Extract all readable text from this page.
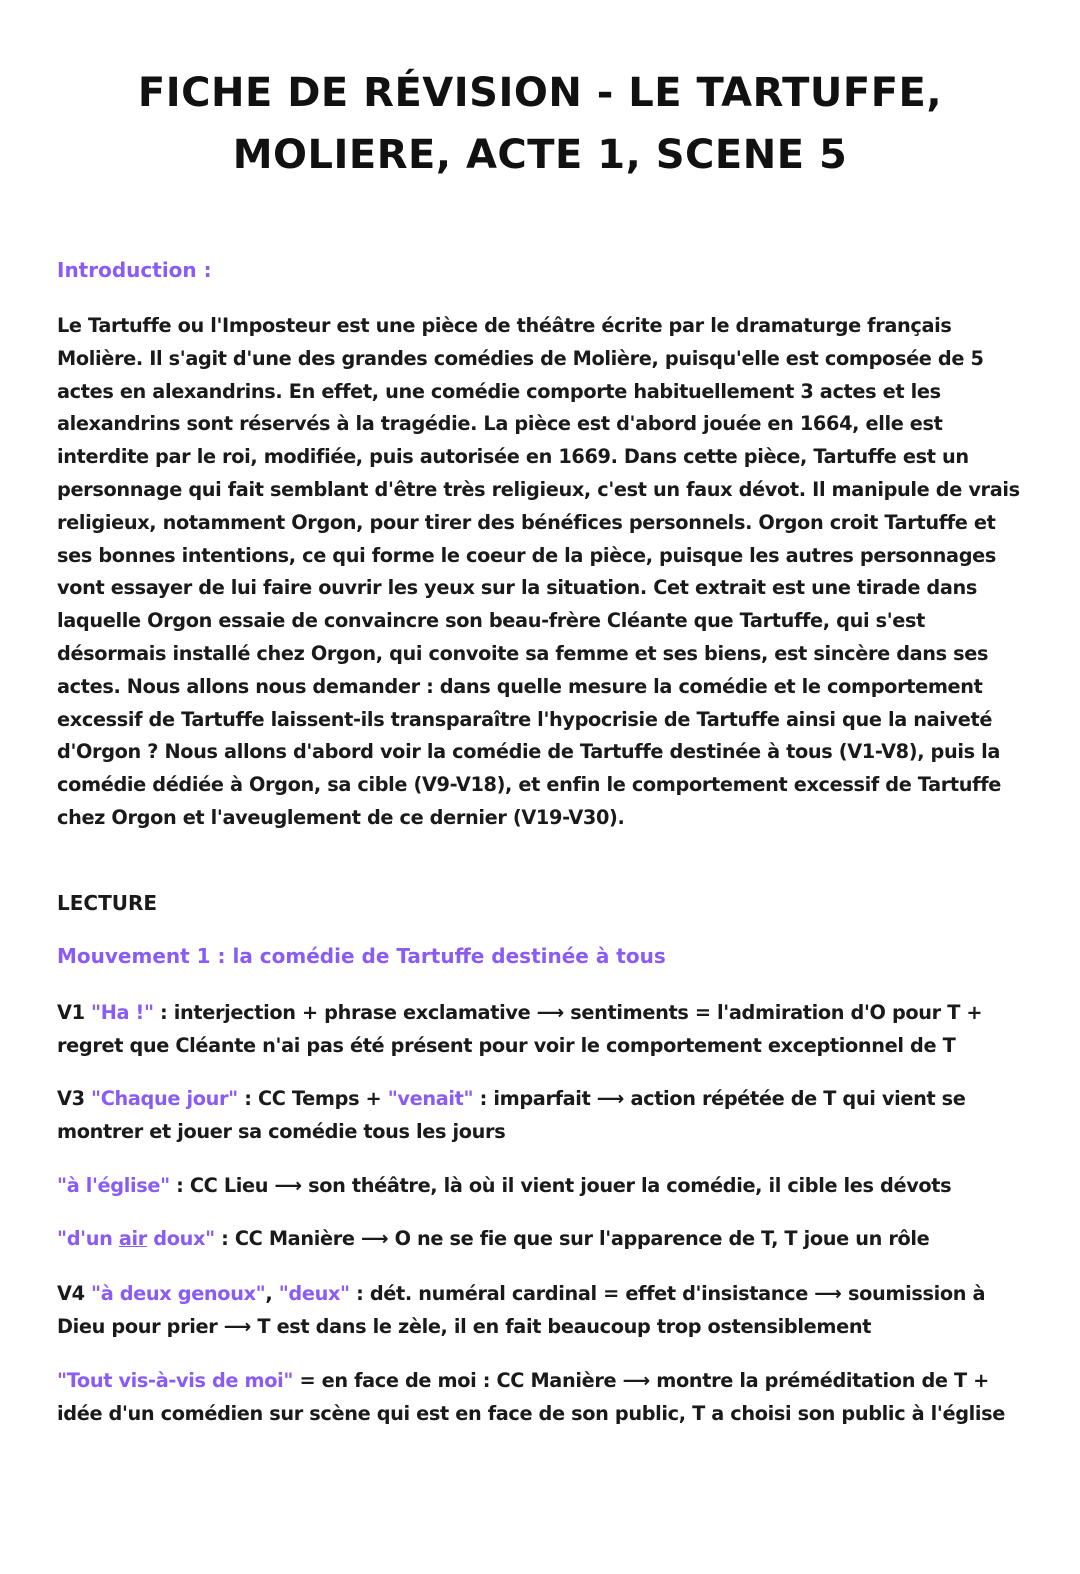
FICHE DE RÉVISION - LE TARTUFFE,
MOLIERE, ACTE 1, SCENE 5

Introduction :

Le Tartuffe ou l'Imposteur est une pièce de théâtre écrite par le dramaturge français Molière. Il s'agit d'une des grandes comédies de Molière, puisqu'elle est composée de 5 actes en alexandrins. En effet, une comédie comporte habituellement 3 actes et les alexandrins sont réservés à la tragédie. La pièce est d'abord jouée en 1664, elle est interdite par le roi, modifiée, puis autorisée en 1669. Dans cette pièce, Tartuffe est un personnage qui fait semblant d'être très religieux, c'est un faux dévot. Il manipule de vrais religieux, notamment Orgon, pour tirer des bénéfices personnels. Orgon croit Tartuffe et ses bonnes intentions, ce qui forme le coeur de la pièce, puisque les autres personnages vont essayer de lui faire ouvrir les yeux sur la situation. Cet extrait est une tirade dans laquelle Orgon essaie de convaincre son beau-frère Cléante que Tartuffe, qui s'est désormais installé chez Orgon, qui convoite sa femme et ses biens, est sincère dans ses actes. Nous allons nous demander : dans quelle mesure la comédie et le comportement excessif de Tartuffe laissent-ils transparaître l'hypocrisie de Tartuffe ainsi que la naiveté d'Orgon ? Nous allons d'abord voir la comédie de Tartuffe destinée à tous (V1-V8), puis la comédie dédiée à Orgon, sa cible (V9-V18), et enfin le comportement excessif de Tartuffe chez Orgon et l'aveuglement de ce dernier (V19-V30).

LECTURE

Mouvement 1 : la comédie de Tartuffe destinée à tous

V1 "Ha !" : interjection + phrase exclamative ⟶ sentiments = l'admiration d'O pour T + regret que Cléante n'ai pas été présent pour voir le comportement exceptionnel de T

V3 "Chaque jour" : CC Temps + "venait" : imparfait ⟶ action répétée de T qui vient se montrer et jouer sa comédie tous les jours

"à l'église" : CC Lieu ⟶ son théâtre, là où il vient jouer la comédie, il cible les dévots

"d'un air doux" : CC Manière ⟶ O ne se fie que sur l'apparence de T, T joue un rôle

V4 "à deux genoux", "deux" : dét. numéral cardinal = effet d'insistance ⟶ soumission à Dieu pour prier ⟶ T est dans le zèle, il en fait beaucoup trop ostensiblement

"Tout vis-à-vis de moi" = en face de moi : CC Manière ⟶ montre la préméditation de T + idée d'un comédien sur scène qui est en face de son public, T a choisi son public à l'église
